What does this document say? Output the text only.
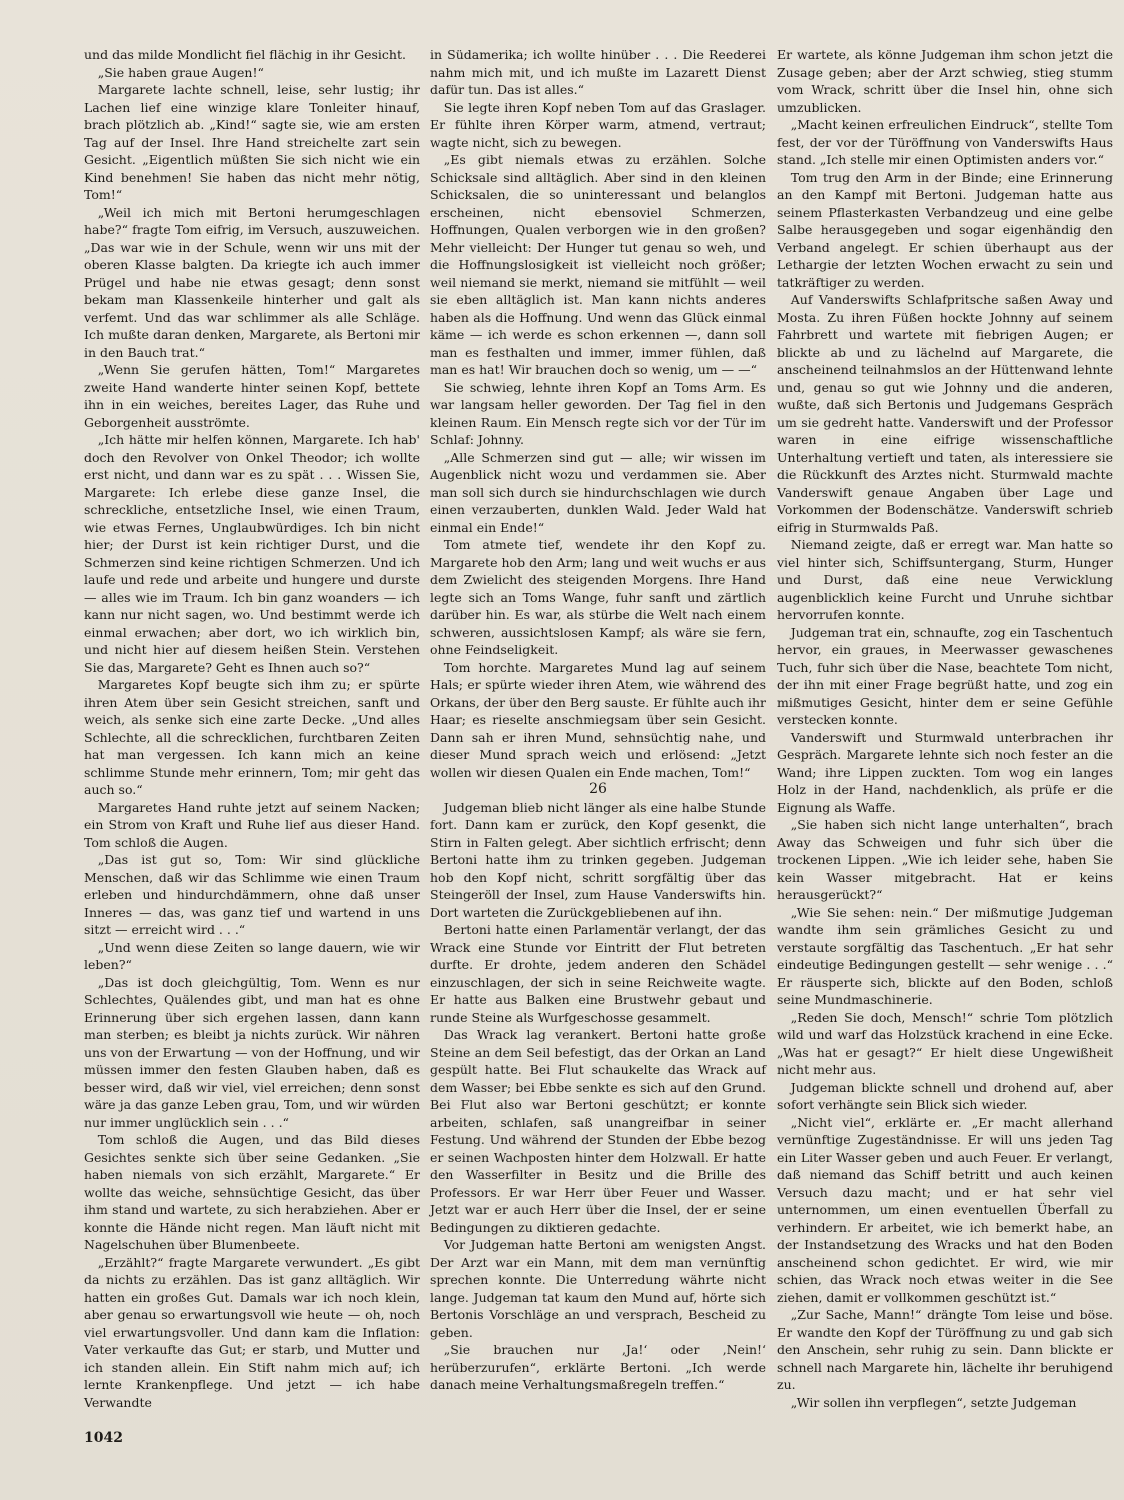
und das milde Mondlicht fiel flächig in ihr Gesicht.

„Sie haben graue Augen!“

Margarete lachte schnell, leise, sehr lustig; ihr Lachen lief eine winzige klare Tonleiter hinauf, brach plötzlich ab. „Kind!“ sagte sie, wie am ersten Tag auf der Insel. Ihre Hand streichelte zart sein Gesicht. „Eigentlich müßten Sie sich nicht wie ein Kind benehmen! Sie haben das nicht mehr nötig, Tom!“

„Weil ich mich mit Bertoni herumgeschlagen habe?“ fragte Tom eifrig, im Versuch, auszuweichen. „Das war wie in der Schule, wenn wir uns mit der oberen Klasse balgten. Da kriegte ich auch immer Prügel und habe nie etwas gesagt; denn sonst bekam man Klassenkeile hinterher und galt als verfemt. Und das war schlimmer als alle Schläge. Ich mußte daran denken, Margarete, als Bertoni mir in den Bauch trat.“

„Wenn Sie gerufen hätten, Tom!“ Margaretes zweite Hand wanderte hinter seinen Kopf, bettete ihn in ein weiches, bereites Lager, das Ruhe und Geborgenheit ausströmte.

„Ich hätte mir helfen können, Margarete. Ich hab' doch den Revolver von Onkel Theodor; ich wollte erst nicht, und dann war es zu spät . . . Wissen Sie, Margarete: Ich erlebe diese ganze Insel, die schreckliche, entsetzliche Insel, wie einen Traum, wie etwas Fernes, Unglaubwürdiges. Ich bin nicht hier; der Durst ist kein richtiger Durst, und die Schmerzen sind keine richtigen Schmerzen. Und ich laufe und rede und arbeite und hungere und durste — alles wie im Traum. Ich bin ganz woanders — ich kann nur nicht sagen, wo. Und bestimmt werde ich einmal erwachen; aber dort, wo ich wirklich bin, und nicht hier auf diesem heißen Stein. Verstehen Sie das, Margarete? Geht es Ihnen auch so?“

Margaretes Kopf beugte sich ihm zu; er spürte ihren Atem über sein Gesicht streichen, sanft und weich, als senke sich eine zarte Decke. „Und alles Schlechte, all die schrecklichen, furchtbaren Zeiten hat man vergessen. Ich kann mich an keine schlimme Stunde mehr erinnern, Tom; mir geht das auch so.“

Margaretes Hand ruhte jetzt auf seinem Nacken; ein Strom von Kraft und Ruhe lief aus dieser Hand. Tom schloß die Augen.

„Das ist gut so, Tom: Wir sind glückliche Menschen, daß wir das Schlimme wie einen Traum erleben und hindurchdämmern, ohne daß unser Inneres — das, was ganz tief und wartend in uns sitzt — erreicht wird . . .“

„Und wenn diese Zeiten so lange dauern, wie wir leben?“

„Das ist doch gleichgültig, Tom. Wenn es nur Schlechtes, Quälendes gibt, und man hat es ohne Erinnerung über sich ergehen lassen, dann kann man sterben; es bleibt ja nichts zurück. Wir nähren uns von der Erwartung — von der Hoffnung, und wir müssen immer den festen Glauben haben, daß es besser wird, daß wir viel, viel erreichen; denn sonst wäre ja das ganze Leben grau, Tom, und wir würden nur immer unglücklich sein . . .“

Tom schloß die Augen, und das Bild dieses Gesichtes senkte sich über seine Gedanken. „Sie haben niemals von sich erzählt, Margarete.“ Er wollte das weiche, sehnsüchtige Gesicht, das über ihm stand und wartete, zu sich herabziehen. Aber er konnte die Hände nicht regen. Man läuft nicht mit Nagelschuhen über Blumenbeete.

„Erzählt?“ fragte Margarete verwundert. „Es gibt da nichts zu erzählen. Das ist ganz alltäglich. Wir hatten ein großes Gut. Damals war ich noch klein, aber genau so erwartungsvoll wie heute — oh, noch viel erwartungsvoller. Und dann kam die Inflation: Vater verkaufte das Gut; er starb, und Mutter und ich standen allein. Ein Stift nahm mich auf; ich lernte Krankenpflege. Und jetzt — ich habe Verwandte

in Südamerika; ich wollte hinüber . . . Die Reederei nahm mich mit, und ich mußte im Lazarett Dienst dafür tun. Das ist alles.“

Sie legte ihren Kopf neben Tom auf das Graslager. Er fühlte ihren Körper warm, atmend, vertraut; wagte nicht, sich zu bewegen.

„Es gibt niemals etwas zu erzählen. Solche Schicksale sind alltäglich. Aber sind in den kleinen Schicksalen, die so uninteressant und belanglos erscheinen, nicht ebensoviel Schmerzen, Hoffnungen, Qualen verborgen wie in den großen? Mehr vielleicht: Der Hunger tut genau so weh, und die Hoffnungslosigkeit ist vielleicht noch größer; weil niemand sie merkt, niemand sie mitfühlt — weil sie eben alltäglich ist. Man kann nichts anderes haben als die Hoffnung. Und wenn das Glück einmal käme — ich werde es schon erkennen —, dann soll man es festhalten und immer, immer fühlen, daß man es hat! Wir brauchen doch so wenig, um — —“

Sie schwieg, lehnte ihren Kopf an Toms Arm. Es war langsam heller geworden. Der Tag fiel in den kleinen Raum. Ein Mensch regte sich vor der Tür im Schlaf: Johnny.

„Alle Schmerzen sind gut — alle; wir wissen im Augenblick nicht wozu und verdammen sie. Aber man soll sich durch sie hindurchschlagen wie durch einen verzauberten, dunklen Wald. Jeder Wald hat einmal ein Ende!“

Tom atmete tief, wendete ihr den Kopf zu. Margarete hob den Arm; lang und weit wuchs er aus dem Zwielicht des steigenden Morgens. Ihre Hand legte sich an Toms Wange, fuhr sanft und zärtlich darüber hin. Es war, als stürbe die Welt nach einem schweren, aussichtslosen Kampf; als wäre sie fern, ohne Feindseligkeit.

Tom horchte. Margaretes Mund lag auf seinem Hals; er spürte wieder ihren Atem, wie während des Orkans, der über den Berg sauste. Er fühlte auch ihr Haar; es rieselte anschmiegsam über sein Gesicht. Dann sah er ihren Mund, sehnsüchtig nahe, und dieser Mund sprach weich und erlösend: „Jetzt wollen wir diesen Qualen ein Ende machen, Tom!“

26

Judgeman blieb nicht länger als eine halbe Stunde fort. Dann kam er zurück, den Kopf gesenkt, die Stirn in Falten gelegt. Aber sichtlich erfrischt; denn Bertoni hatte ihm zu trinken gegeben. Judgeman hob den Kopf nicht, schritt sorgfältig über das Steingeröll der Insel, zum Hause Vanderswifts hin. Dort warteten die Zurückgebliebenen auf ihn.

Bertoni hatte einen Parlamentär verlangt, der das Wrack eine Stunde vor Eintritt der Flut betreten durfte. Er drohte, jedem anderen den Schädel einzuschlagen, der sich in seine Reichweite wagte. Er hatte aus Balken eine Brustwehr gebaut und runde Steine als Wurfgeschosse gesammelt.

Das Wrack lag verankert. Bertoni hatte große Steine an dem Seil befestigt, das der Orkan an Land gespült hatte. Bei Flut schaukelte das Wrack auf dem Wasser; bei Ebbe senkte es sich auf den Grund. Bei Flut also war Bertoni geschützt; er konnte arbeiten, schlafen, saß unangreifbar in seiner Festung. Und während der Stunden der Ebbe bezog er seinen Wachposten hinter dem Holzwall. Er hatte den Wasserfilter in Besitz und die Brille des Professors. Er war Herr über Feuer und Wasser. Jetzt war er auch Herr über die Insel, der er seine Bedingungen zu diktieren gedachte.

Vor Judgeman hatte Bertoni am wenigsten Angst. Der Arzt war ein Mann, mit dem man vernünftig sprechen konnte. Die Unterredung währte nicht lange. Judgeman tat kaum den Mund auf, hörte sich Bertonis Vorschläge an und versprach, Bescheid zu geben.

„Sie brauchen nur ‚Ja!‘ oder ‚Nein!‘ herüberzurufen“, erklärte Bertoni. „Ich werde danach meine Verhaltungsmaßregeln treffen.“

Er wartete, als könne Judgeman ihm schon jetzt die Zusage geben; aber der Arzt schwieg, stieg stumm vom Wrack, schritt über die Insel hin, ohne sich umzublicken.

„Macht keinen erfreulichen Eindruck“, stellte Tom fest, der vor der Türöffnung von Vanderswifts Haus stand. „Ich stelle mir einen Optimisten anders vor.“

Tom trug den Arm in der Binde; eine Erinnerung an den Kampf mit Bertoni. Judgeman hatte aus seinem Pflasterkasten Verbandzeug und eine gelbe Salbe herausgegeben und sogar eigenhändig den Verband angelegt. Er schien überhaupt aus der Lethargie der letzten Wochen erwacht zu sein und tatkräftiger zu werden.

Auf Vanderswifts Schlafpritsche saßen Away und Mosta. Zu ihren Füßen hockte Johnny auf seinem Fahrbrett und wartete mit fiebrigen Augen; er blickte ab und zu lächelnd auf Margarete, die anscheinend teilnahmslos an der Hüttenwand lehnte und, genau so gut wie Johnny und die anderen, wußte, daß sich Bertonis und Judgemans Gespräch um sie gedreht hatte. Vanderswift und der Professor waren in eine eifrige wissenschaftliche Unterhaltung vertieft und taten, als interessiere sie die Rückkunft des Arztes nicht. Sturmwald machte Vanderswift genaue Angaben über Lage und Vorkommen der Bodenschätze. Vanderswift schrieb eifrig in Sturmwalds Paß.

Niemand zeigte, daß er erregt war. Man hatte so viel hinter sich, Schiffsuntergang, Sturm, Hunger und Durst, daß eine neue Verwicklung augenblicklich keine Furcht und Unruhe sichtbar hervorrufen konnte.

Judgeman trat ein, schnaufte, zog ein Taschentuch hervor, ein graues, in Meerwasser gewaschenes Tuch, fuhr sich über die Nase, beachtete Tom nicht, der ihn mit einer Frage begrüßt hatte, und zog ein mißmutiges Gesicht, hinter dem er seine Gefühle verstecken konnte.

Vanderswift und Sturmwald unterbrachen ihr Gespräch. Margarete lehnte sich noch fester an die Wand; ihre Lippen zuckten. Tom wog ein langes Holz in der Hand, nachdenklich, als prüfe er die Eignung als Waffe.

„Sie haben sich nicht lange unterhalten“, brach Away das Schweigen und fuhr sich über die trockenen Lippen. „Wie ich leider sehe, haben Sie kein Wasser mitgebracht. Hat er keins herausgerückt?“

„Wie Sie sehen: nein.“ Der mißmutige Judgeman wandte ihm sein grämliches Gesicht zu und verstaute sorgfältig das Taschentuch. „Er hat sehr eindeutige Bedingungen gestellt — sehr wenige . . .“ Er räusperte sich, blickte auf den Boden, schloß seine Mundmaschinerie.

„Reden Sie doch, Mensch!“ schrie Tom plötzlich wild und warf das Holzstück krachend in eine Ecke. „Was hat er gesagt?“ Er hielt diese Ungewißheit nicht mehr aus.

Judgeman blickte schnell und drohend auf, aber sofort verhängte sein Blick sich wieder.

„Nicht viel“, erklärte er. „Er macht allerhand vernünftige Zugeständnisse. Er will uns jeden Tag ein Liter Wasser geben und auch Feuer. Er verlangt, daß niemand das Schiff betritt und auch keinen Versuch dazu macht; und er hat sehr viel unternommen, um einen eventuellen Überfall zu verhindern. Er arbeitet, wie ich bemerkt habe, an der Instandsetzung des Wracks und hat den Boden anscheinend schon gedichtet. Er wird, wie mir schien, das Wrack noch etwas weiter in die See ziehen, damit er vollkommen geschützt ist.“

„Zur Sache, Mann!“ drängte Tom leise und böse. Er wandte den Kopf der Türöffnung zu und gab sich den Anschein, sehr ruhig zu sein. Dann blickte er schnell nach Margarete hin, lächelte ihr beruhigend zu.

„Wir sollen ihn verpflegen“, setzte Judgeman

1042
